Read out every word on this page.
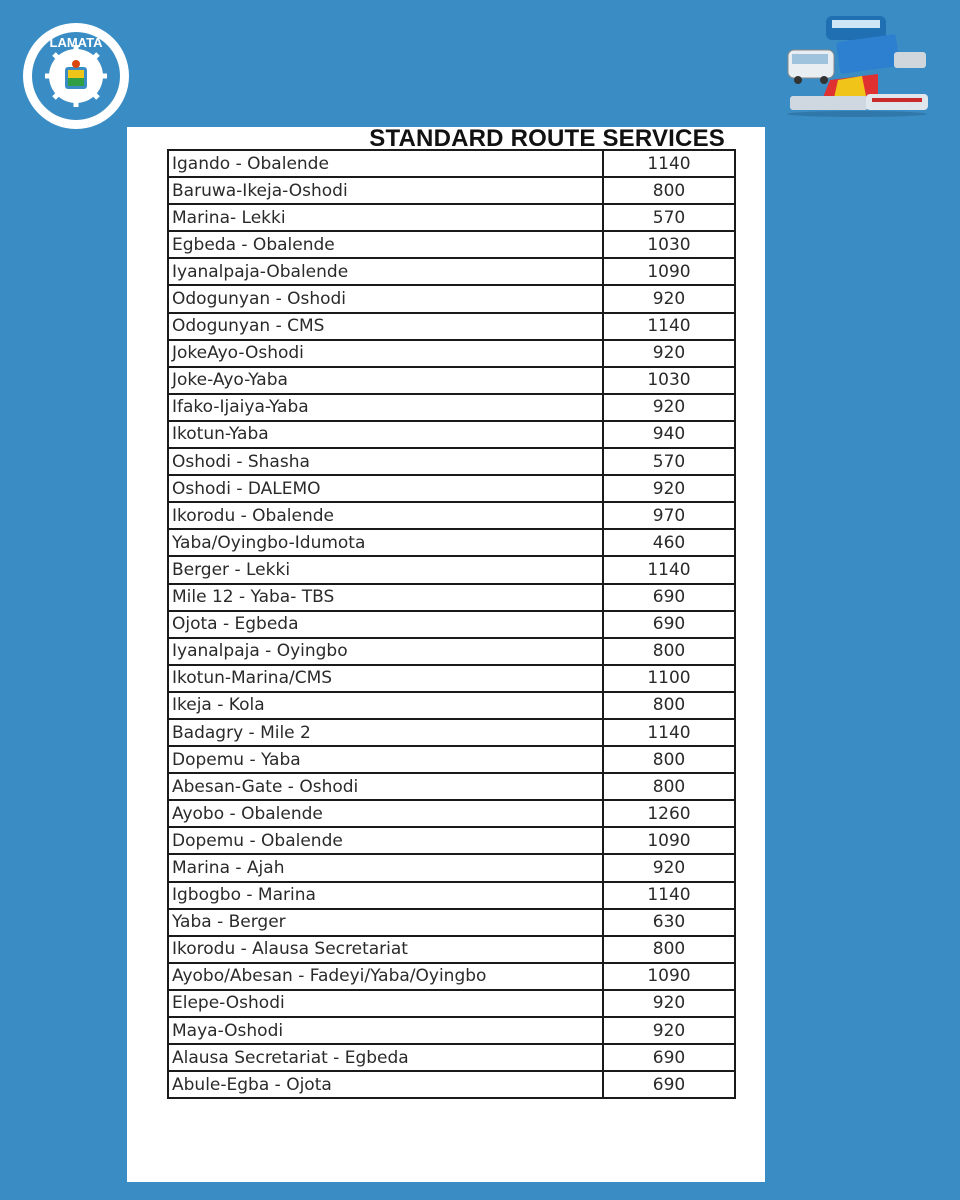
LAMATA
STANDARD ROUTE SERVICES
Igando - Obalende	1140
Baruwa-Ikeja-Oshodi	800
Marina- Lekki	570
Egbeda - Obalende	1030
Iyanalpaja-Obalende	1090
Odogunyan - Oshodi	920
Odogunyan - CMS	1140
JokeAyo-Oshodi	920
Joke-Ayo-Yaba	1030
Ifako-Ijaiya-Yaba	920
Ikotun-Yaba	940
Oshodi - Shasha	570
Oshodi - DALEMO	920
Ikorodu - Obalende	970
Yaba/Oyingbo-Idumota	460
Berger - Lekki	1140
Mile 12 - Yaba- TBS	690
Ojota - Egbeda	690
Iyanalpaja - Oyingbo	800
Ikotun-Marina/CMS	1100
Ikeja - Kola	800
Badagry - Mile 2	1140
Dopemu - Yaba	800
Abesan-Gate - Oshodi	800
Ayobo - Obalende	1260
Dopemu - Obalende	1090
Marina - Ajah	920
Igbogbo - Marina	1140
Yaba - Berger	630
Ikorodu - Alausa Secretariat	800
Ayobo/Abesan - Fadeyi/Yaba/Oyingbo	1090
Elepe-Oshodi	920
Maya-Oshodi	920
Alausa Secretariat - Egbeda	690
Abule-Egba - Ojota	690
